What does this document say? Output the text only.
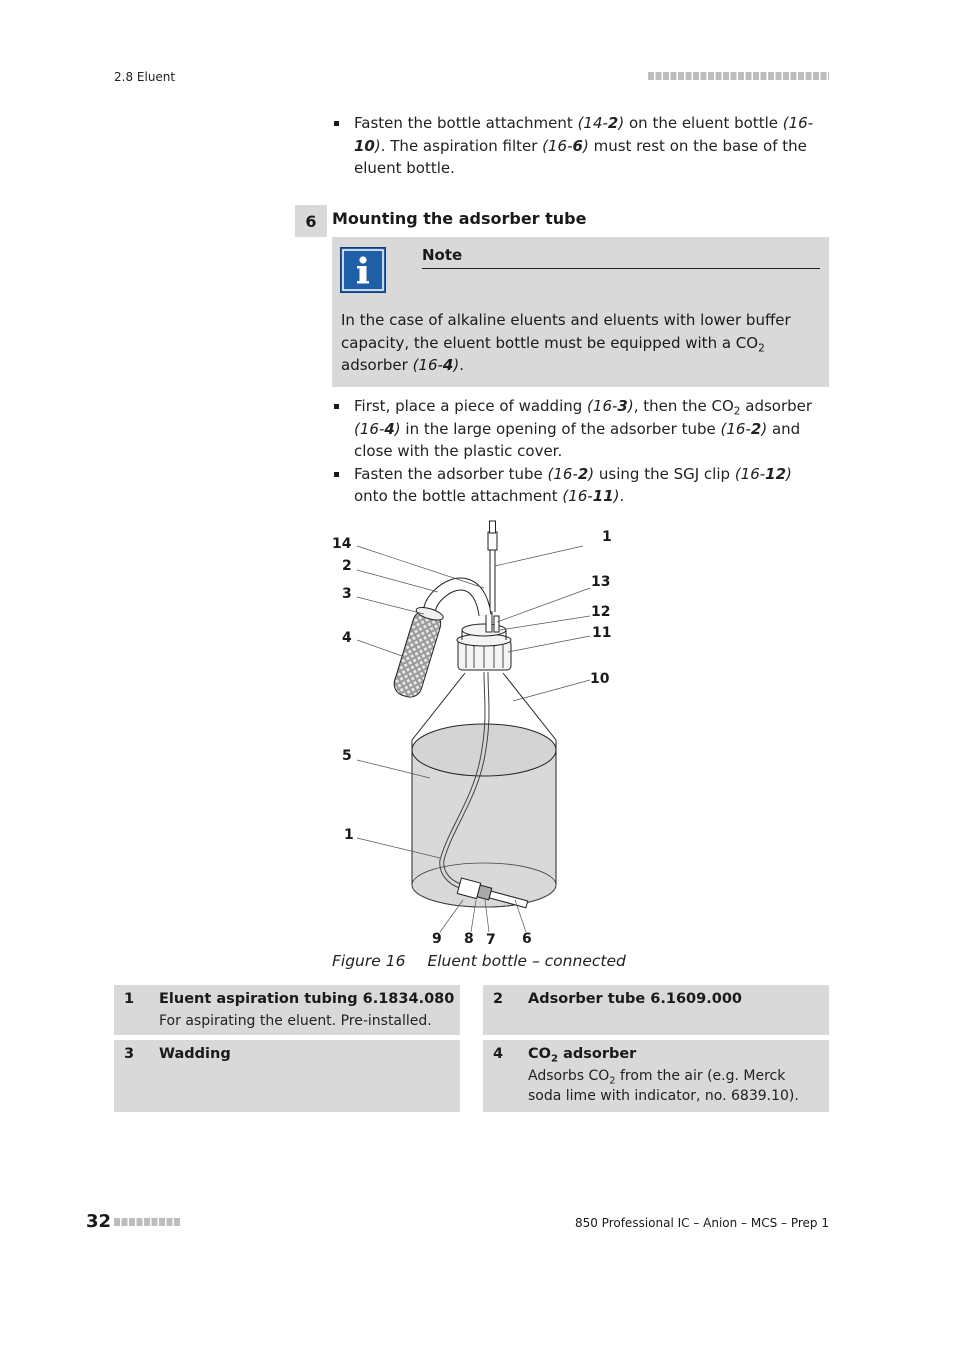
2.8 Eluent
Fasten the bottle attachment (14-2) on the eluent bottle (16-10). The aspiration filter (16-6) must rest on the base of the eluent bottle.
6 Mounting the adsorber tube
Note
In the case of alkaline eluents and eluents with lower buffer capacity, the eluent bottle must be equipped with a $CO_2$ adsorber (16-4).
First, place a piece of wadding (16-3), then the $CO_2$ adsorber (16-4) in the large opening of the adsorber tube (16-2) and close with the plastic cover.
Fasten the adsorber tube (16-2) using the SGJ clip (16-12) onto the bottle attachment (16-11).
14
2
3
4
5
1
1
13
12
11
10
9 8 7 6
Figure 16 Eluent bottle – connected
1 Eluent aspiration tubing 6.1834.080
For aspirating the eluent. Pre-installed.
2 Adsorber tube 6.1609.000
3 Wadding	4 $CO_2$ adsorber
Adsorbs $CO_2$ from the air (e.g. Merck soda lime with indicator, no. 6839.10).
32	850 Professional IC – Anion – MCS – Prep 1
